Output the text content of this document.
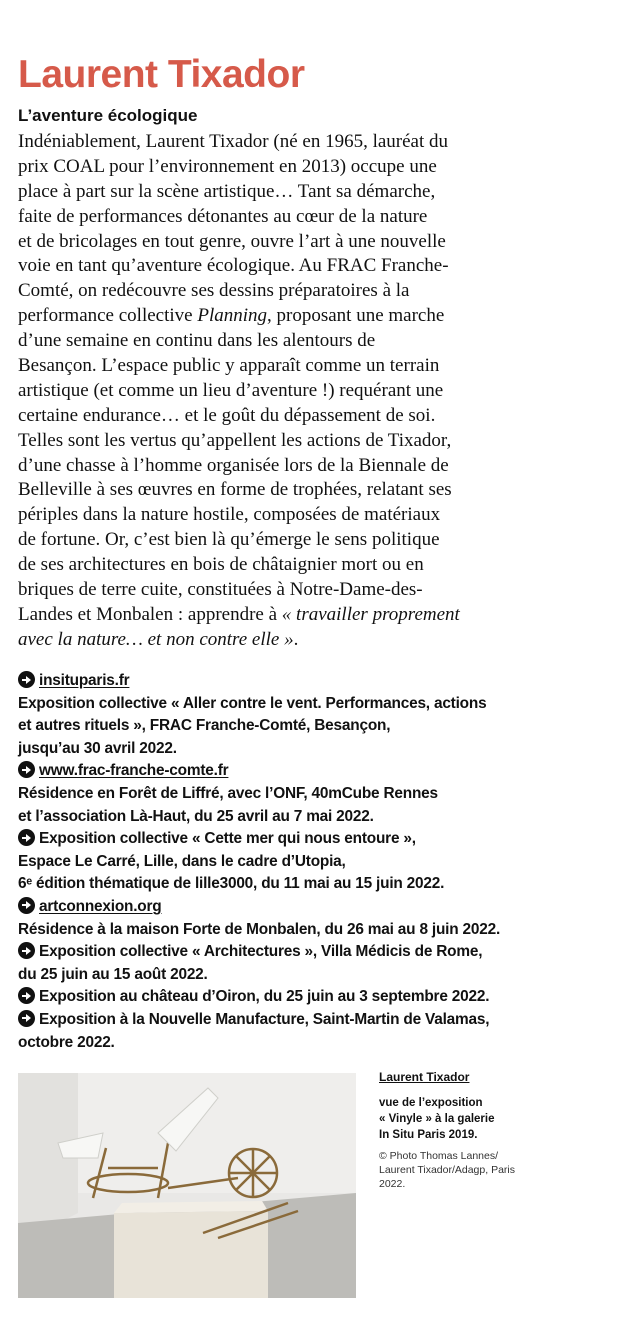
Laurent Tixador
L’aventure écologique
Indéniablement, Laurent Tixador (né en 1965, lauréat du
prix COAL pour l’environnement en 2013) occupe une
place à part sur la scène artistique… Tant sa démarche,
faite de performances détonantes au cœur de la nature
et de bricolages en tout genre, ouvre l’art à une nouvelle
voie en tant qu’aventure écologique. Au FRAC Franche-
Comté, on redécouvre ses dessins préparatoires à la
performance collective Planning, proposant une marche
d’une semaine en continu dans les alentours de
Besançon. L’espace public y apparaît comme un terrain
artistique (et comme un lieu d’aventure !) requérant une
certaine endurance… et le goût du dépassement de soi.
Telles sont les vertus qu’appellent les actions de Tixador,
d’une chasse à l’homme organisée lors de la Biennale de
Belleville à ses œuvres en forme de trophées, relatant ses
périples dans la nature hostile, composées de matériaux
de fortune. Or, c’est bien là qu’émerge le sens politique
de ses architectures en bois de châtaignier mort ou en
briques de terre cuite, constituées à Notre-Dame-des-
Landes et Monbalen : apprendre à « travailler proprement
avec la nature… et non contre elle ».
insituparis.fr
Exposition collective « Aller contre le vent. Performances, actions
et autres rituels », FRAC Franche-Comté, Besançon,
jusqu’au 30 avril 2022.
www.frac-franche-comte.fr
Résidence en Forêt de Liffré, avec l’ONF, 40mCube Rennes
et l’association Là-Haut, du 25 avril au 7 mai 2022.
Exposition collective « Cette mer qui nous entoure »,
Espace Le Carré, Lille, dans le cadre d’Utopia,
6ᵉ édition thématique de lille3000, du 11 mai au 15 juin 2022.
artconnexion.org
Résidence à la maison Forte de Monbalen, du 26 mai au 8 juin 2022.
Exposition collective « Architectures », Villa Médicis de Rome,
du 25 juin au 15 août 2022.
Exposition au château d’Oiron, du 25 juin au 3 septembre 2022.
Exposition à la Nouvelle Manufacture, Saint-Martin de Valamas,
octobre 2022.
Laurent Tixador
vue de l’exposition
« Vinyle » à la galerie
In Situ Paris 2019.
© Photo Thomas Lannes/
Laurent Tixador/Adagp, Paris
2022.
